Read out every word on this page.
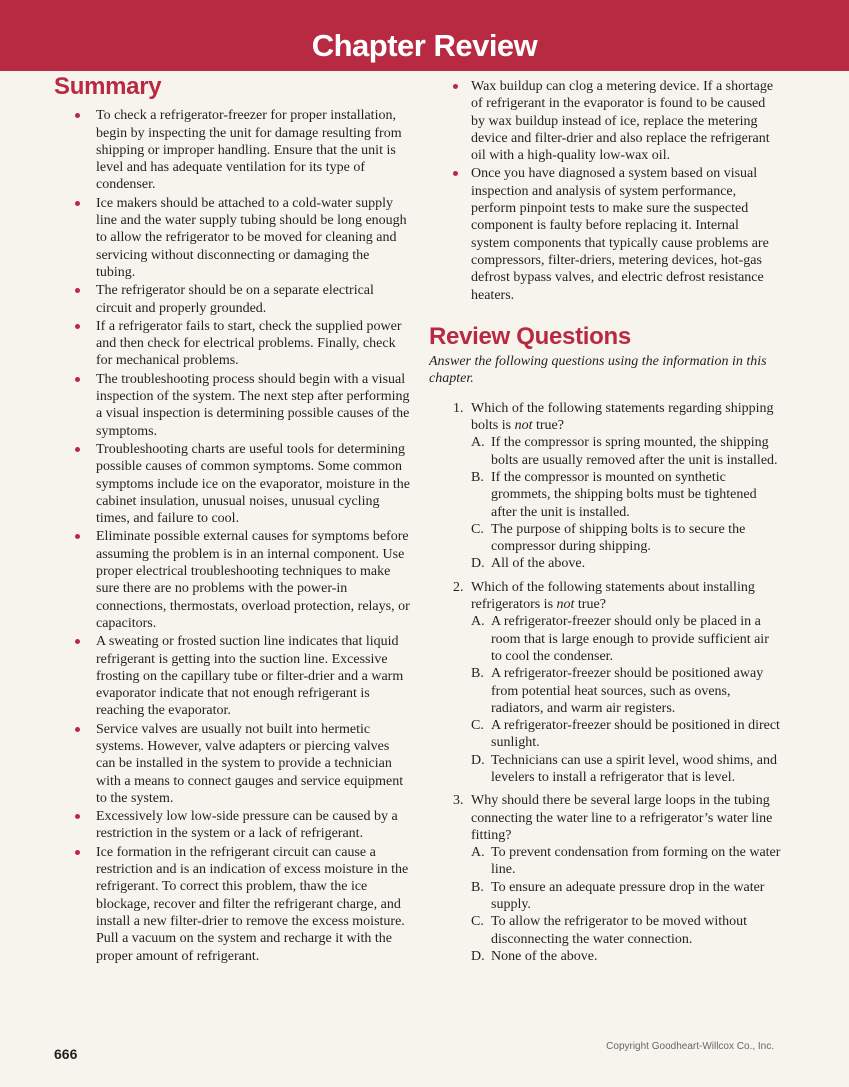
Chapter Review
Summary
To check a refrigerator-freezer for proper installation, begin by inspecting the unit for damage resulting from shipping or improper handling. Ensure that the unit is level and has adequate ventilation for its type of condenser.
Ice makers should be attached to a cold-water supply line and the water supply tubing should be long enough to allow the refrigerator to be moved for cleaning and servicing without disconnecting or damaging the tubing.
The refrigerator should be on a separate electrical circuit and properly grounded.
If a refrigerator fails to start, check the supplied power and then check for electrical problems. Finally, check for mechanical problems.
The troubleshooting process should begin with a visual inspection of the system. The next step after performing a visual inspection is determining possible causes of the symptoms.
Troubleshooting charts are useful tools for determining possible causes of common symptoms. Some common symptoms include ice on the evaporator, moisture in the cabinet insulation, unusual noises, unusual cycling times, and failure to cool.
Eliminate possible external causes for symptoms before assuming the problem is in an internal component. Use proper electrical troubleshooting techniques to make sure there are no problems with the power-in connections, thermostats, overload protection, relays, or capacitors.
A sweating or frosted suction line indicates that liquid refrigerant is getting into the suction line. Excessive frosting on the capillary tube or filter-drier and a warm evaporator indicate that not enough refrigerant is reaching the evaporator.
Service valves are usually not built into hermetic systems. However, valve adapters or piercing valves can be installed in the system to provide a technician with a means to connect gauges and service equipment to the system.
Excessively low low-side pressure can be caused by a restriction in the system or a lack of refrigerant.
Ice formation in the refrigerant circuit can cause a restriction and is an indication of excess moisture in the refrigerant. To correct this problem, thaw the ice blockage, recover and filter the refrigerant charge, and install a new filter-drier to remove the excess moisture. Pull a vacuum on the system and recharge it with the proper amount of refrigerant.
Wax buildup can clog a metering device. If a shortage of refrigerant in the evaporator is found to be caused by wax buildup instead of ice, replace the metering device and filter-drier and also replace the refrigerant oil with a high-quality low-wax oil.
Once you have diagnosed a system based on visual inspection and analysis of system performance, perform pinpoint tests to make sure the suspected component is faulty before replacing it. Internal system components that typically cause problems are compressors, filter-driers, metering devices, hot-gas defrost bypass valves, and electric defrost resistance heaters.
Review Questions
Answer the following questions using the information in this chapter.
1. Which of the following statements regarding shipping bolts is not true?
A. If the compressor is spring mounted, the shipping bolts are usually removed after the unit is installed.
B. If the compressor is mounted on synthetic grommets, the shipping bolts must be tightened after the unit is installed.
C. The purpose of shipping bolts is to secure the compressor during shipping.
D. All of the above.
2. Which of the following statements about installing refrigerators is not true?
A. A refrigerator-freezer should only be placed in a room that is large enough to provide sufficient air to cool the condenser.
B. A refrigerator-freezer should be positioned away from potential heat sources, such as ovens, radiators, and warm air registers.
C. A refrigerator-freezer should be positioned in direct sunlight.
D. Technicians can use a spirit level, wood shims, and levelers to install a refrigerator that is level.
3. Why should there be several large loops in the tubing connecting the water line to a refrigerator’s water line fitting?
A. To prevent condensation from forming on the water line.
B. To ensure an adequate pressure drop in the water supply.
C. To allow the refrigerator to be moved without disconnecting the water connection.
D. None of the above.
666	Copyright Goodheart-Willcox Co., Inc.
